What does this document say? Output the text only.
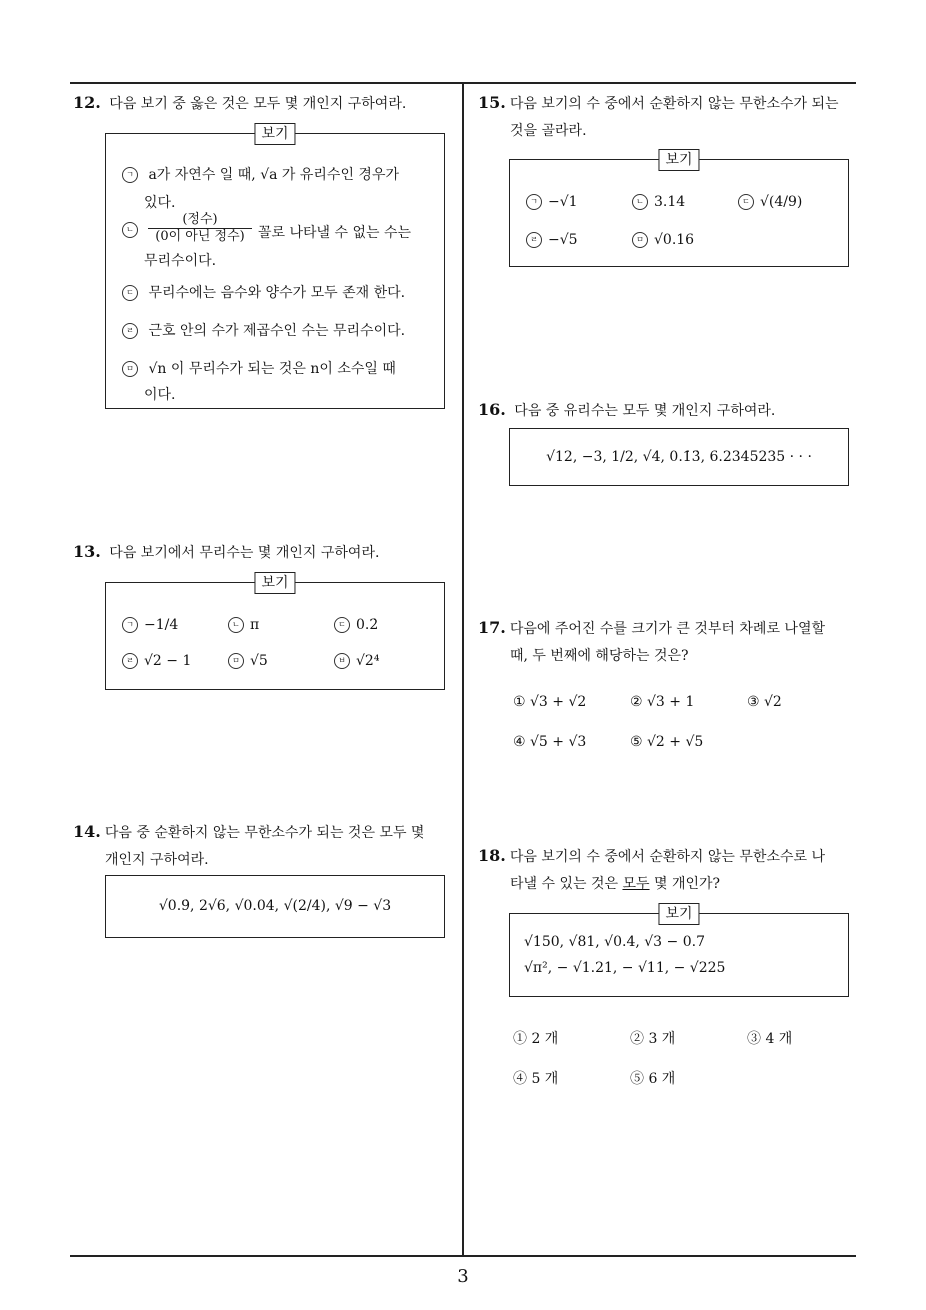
12. 다음 보기 중 옳은 것은 모두 몇 개인지 구하여라.
보기
ㄱ a가 자연수 일 때, √a 가 유리수인 경우가
있다.
ㄴ
(정수)
(0이 아닌 정수) 꼴로 나타낼 수 없는 수는
무리수이다.
ㄷ 무리수에는 음수와 양수가 모두 존재 한다.
ㄹ 근호 안의 수가 제곱수인 수는 무리수이다.
ㅁ √n 이 무리수가 되는 것은 n이 소수일 때
이다.
13. 다음 보기에서 무리수는 몇 개인지 구하여라.
보기
ㄱ −1/4	ㄴ π	ㄷ 0.2̇
ㄹ √2 − 1	ㅁ √5	ㅂ √2⁴
14. 다음 중 순환하지 않는 무한소수가 되는 것은 모두 몇
개인지 구하여라.
√0.9̇, 2√6, √0.04, √(2/4), √9 − √3
15. 다음 보기의 수 중에서 순환하지 않는 무한소수가 되는
것을 골라라.
보기
ㄱ −√1	ㄴ 3.14	ㄷ √(4/9)
ㄹ −√5	ㅁ √0.16
16. 다음 중 유리수는 모두 몇 개인지 구하여라.
√12, −3, 1/2, √4, 0.1̇3̇, 6.2345235 · · ·
17. 다음에 주어진 수를 크기가 큰 것부터 차례로 나열할
때, 두 번째에 해당하는 것은?
① √3 + √2	② √3 + 1	③ √2
④ √5 + √3	⑤ √2 + √5
18. 다음 보기의 수 중에서 순환하지 않는 무한소수로 나
타낼 수 있는 것은 모두 몇 개인가?
보기
√150, √81, √0.4, √3 − 0.7
√π², − √1.21, − √11, − √225
① 2 개	② 3 개	③ 4 개
④ 5 개	⑤ 6 개
3
